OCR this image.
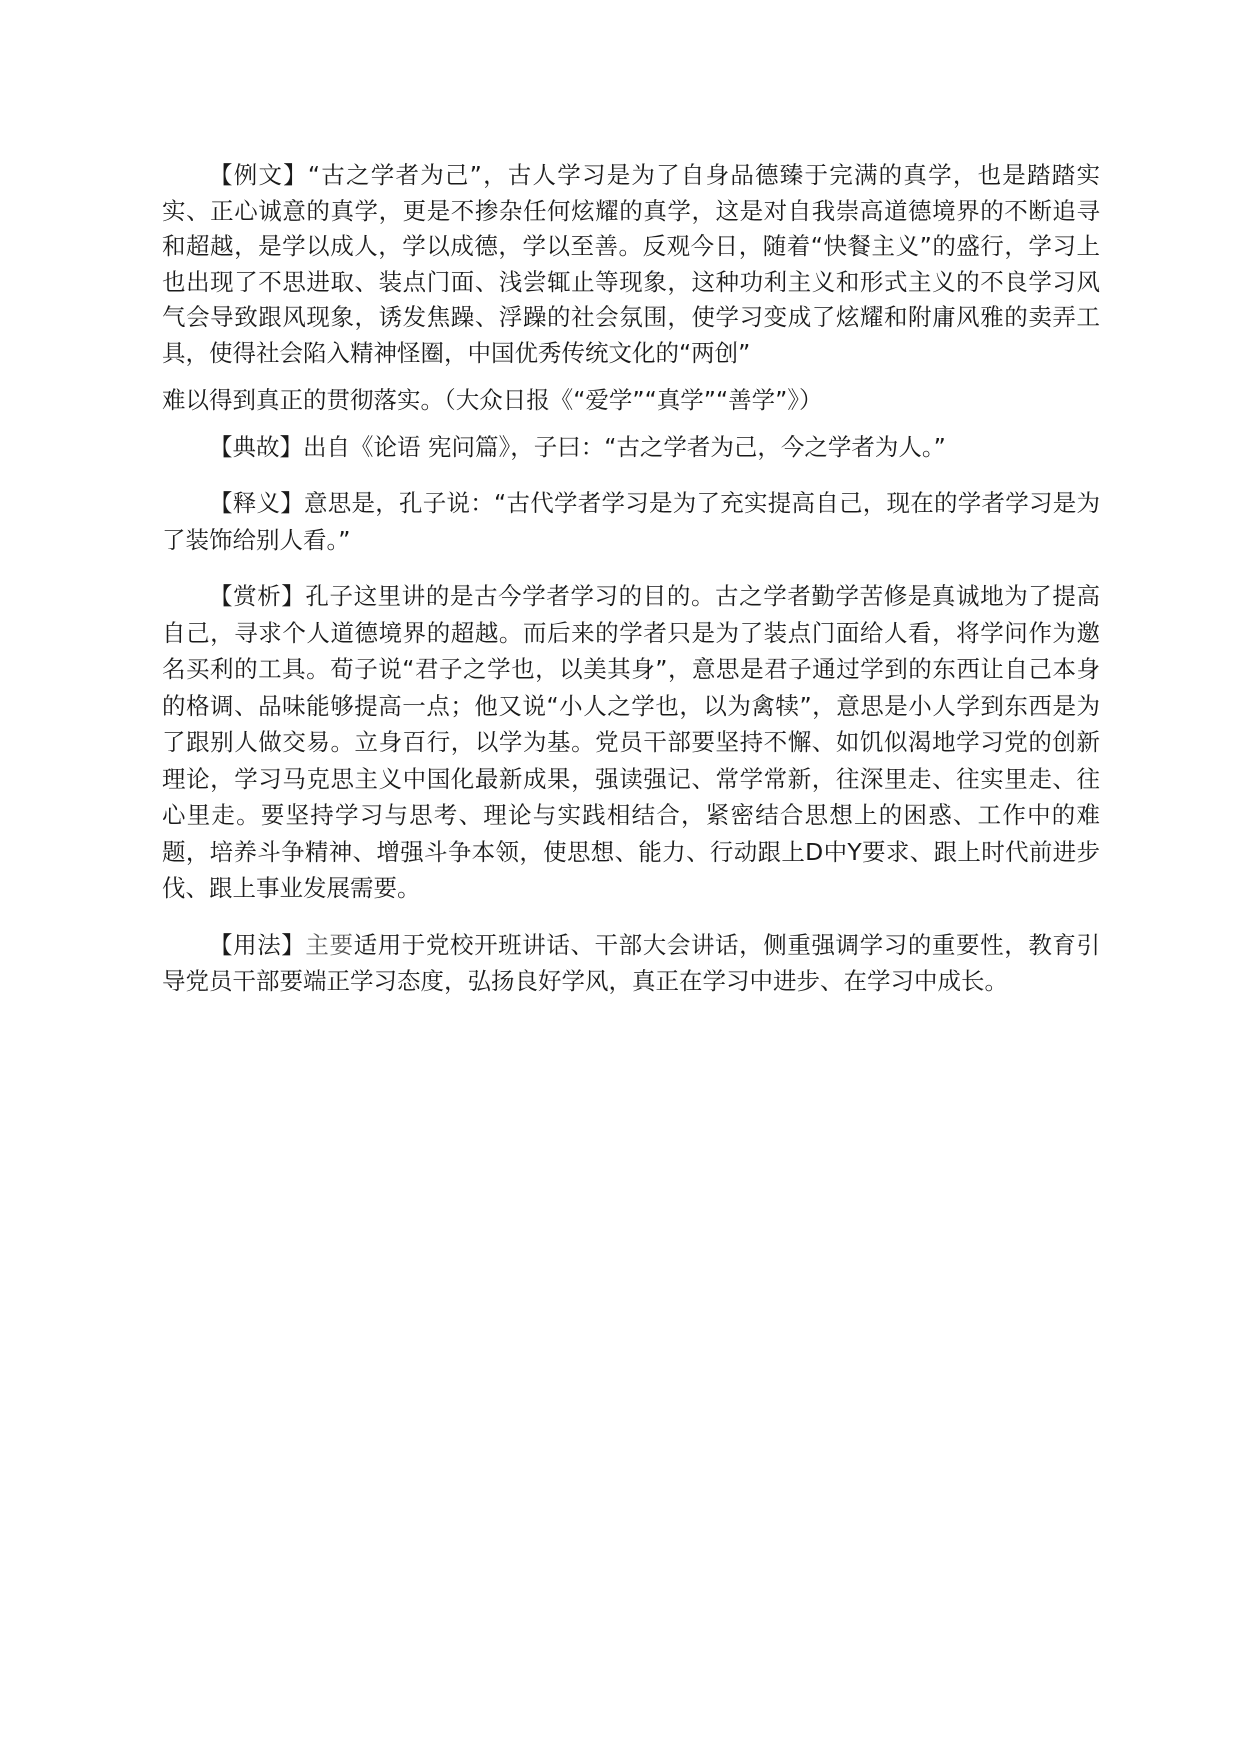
【例文】“古之学者为己”，古人学习是为了自身品德臻于完满的真学，也是踏踏实实、正心诚意的真学，更是不掺杂任何炫耀的真学，这是对自我崇高道德境界的不断追寻和超越，是学以成人，学以成德，学以至善。反观今日，随着“快餐主义”的盛行，学习上也出现了不思进取、装点门面、浅尝辄止等现象，这种功利主义和形式主义的不良学习风气会导致跟风现象，诱发焦躁、浮躁的社会氛围，使学习变成了炫耀和附庸风雅的卖弄工具，使得社会陷入精神怪圈，中国优秀传统文化的“两创”
难以得到真正的贯彻落实。（大众日报《“爱学”“真学”“善学”》）

【典故】出自《论语 宪问篇》，子曰：“古之学者为己，今之学者为人。”

【释义】意思是，孔子说：“古代学者学习是为了充实提高自己，现在的学者学习是为了装饰给别人看。”

【赏析】孔子这里讲的是古今学者学习的目的。古之学者勤学苦修是真诚地为了提高自己，寻求个人道德境界的超越。而后来的学者只是为了装点门面给人看，将学问作为邀名买利的工具。荀子说“君子之学也，以美其身”，意思是君子通过学到的东西让自己本身的格调、品味能够提高一点；他又说“小人之学也，以为禽犊”，意思是小人学到东西是为了跟别人做交易。立身百行，以学为基。党员干部要坚持不懈、如饥似渴地学习党的创新理论，学习马克思主义中国化最新成果，强读强记、常学常新，往深里走、往实里走、往心里走。要坚持学习与思考、理论与实践相结合，紧密结合思想上的困惑、工作中的难题，培养斗争精神、增强斗争本领，使思想、能力、行动跟上D中Y要求、跟上时代前进步伐、跟上事业发展需要。

【用法】主要适用于党校开班讲话、干部大会讲话，侧重强调学习的重要性，教育引导党员干部要端正学习态度，弘扬良好学风，真正在学习中进步、在学习中成长。
